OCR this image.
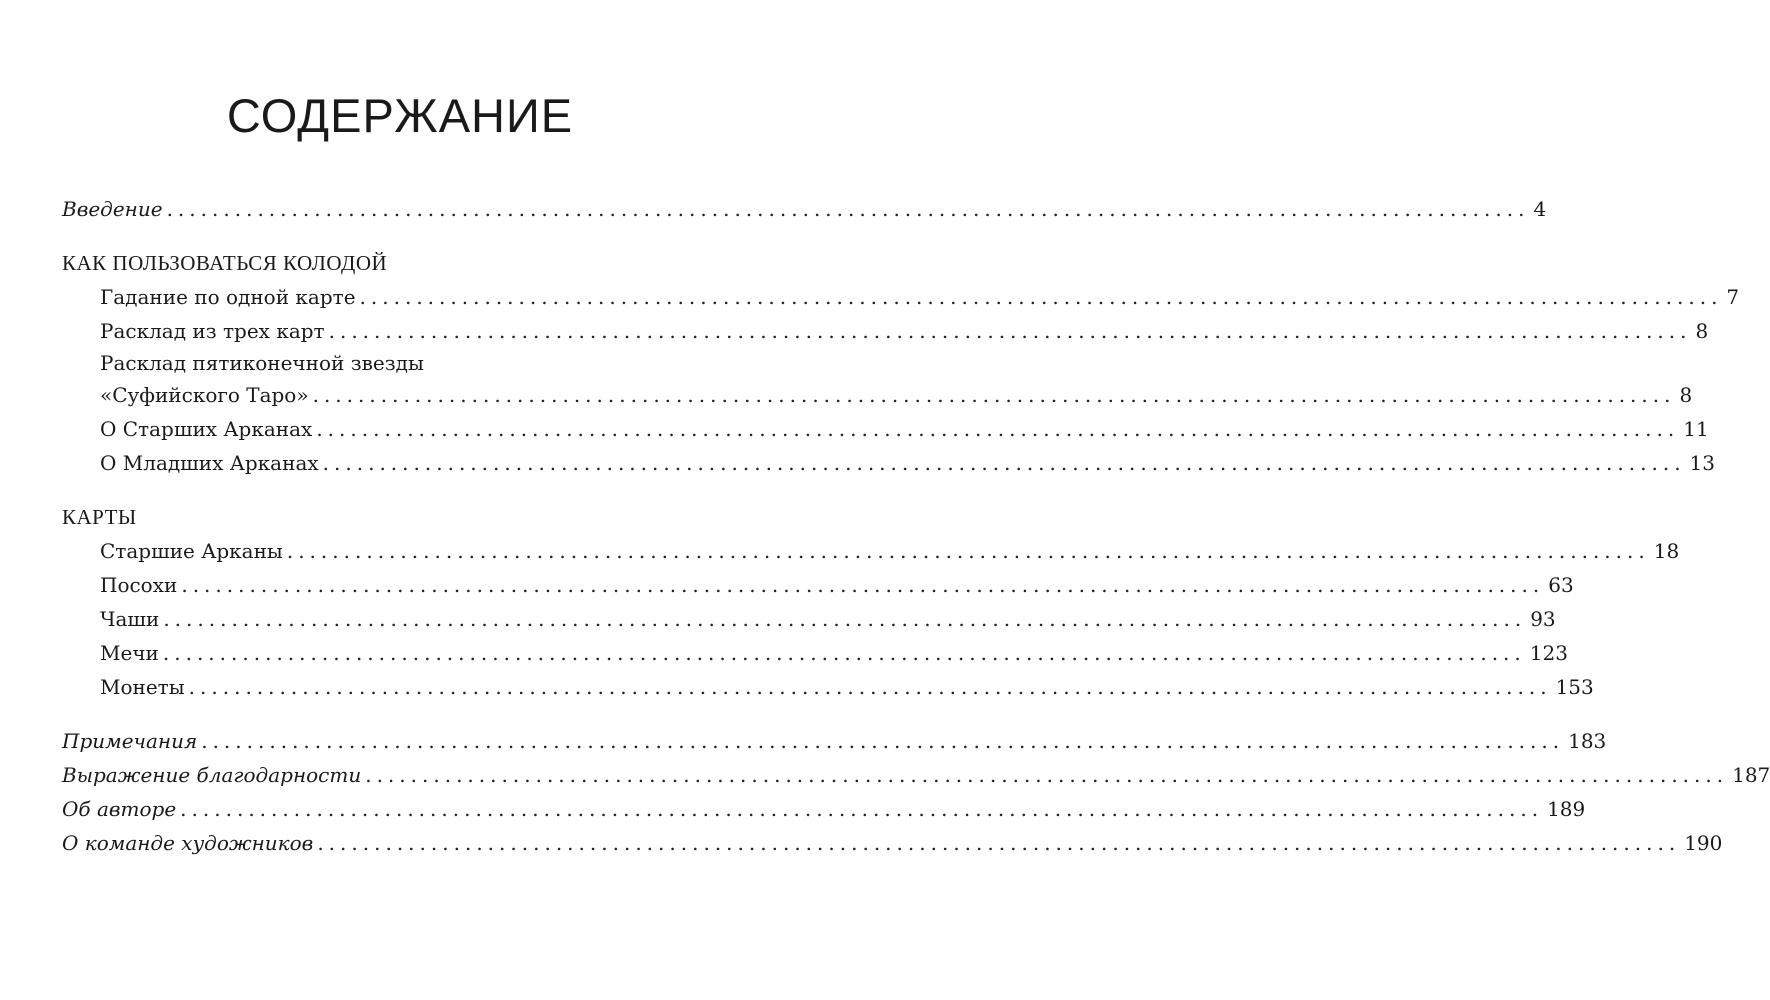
СОДЕРЖАНИЕ
Введение ........................................................................................................................ 4
КАК ПОЛЬЗОВАТЬСЯ КОЛОДОЙ
Гадание по одной карте ........................................................................................................................ 7
Расклад из трех карт ........................................................................................................................ 8
Расклад пятиконечной звезды
«Суфийского Таро» ........................................................................................................................ 8
О Старших Арканах ........................................................................................................................ 11
О Младших Арканах ........................................................................................................................ 13
КАРТЫ
Старшие Арканы ........................................................................................................................ 18
Посохи ........................................................................................................................ 63
Чаши ........................................................................................................................ 93
Мечи ........................................................................................................................ 123
Монеты ........................................................................................................................ 153
Примечания ........................................................................................................................ 183
Выражение благодарности ........................................................................................................................ 187
Об авторе ........................................................................................................................ 189
О команде художников ........................................................................................................................ 190
